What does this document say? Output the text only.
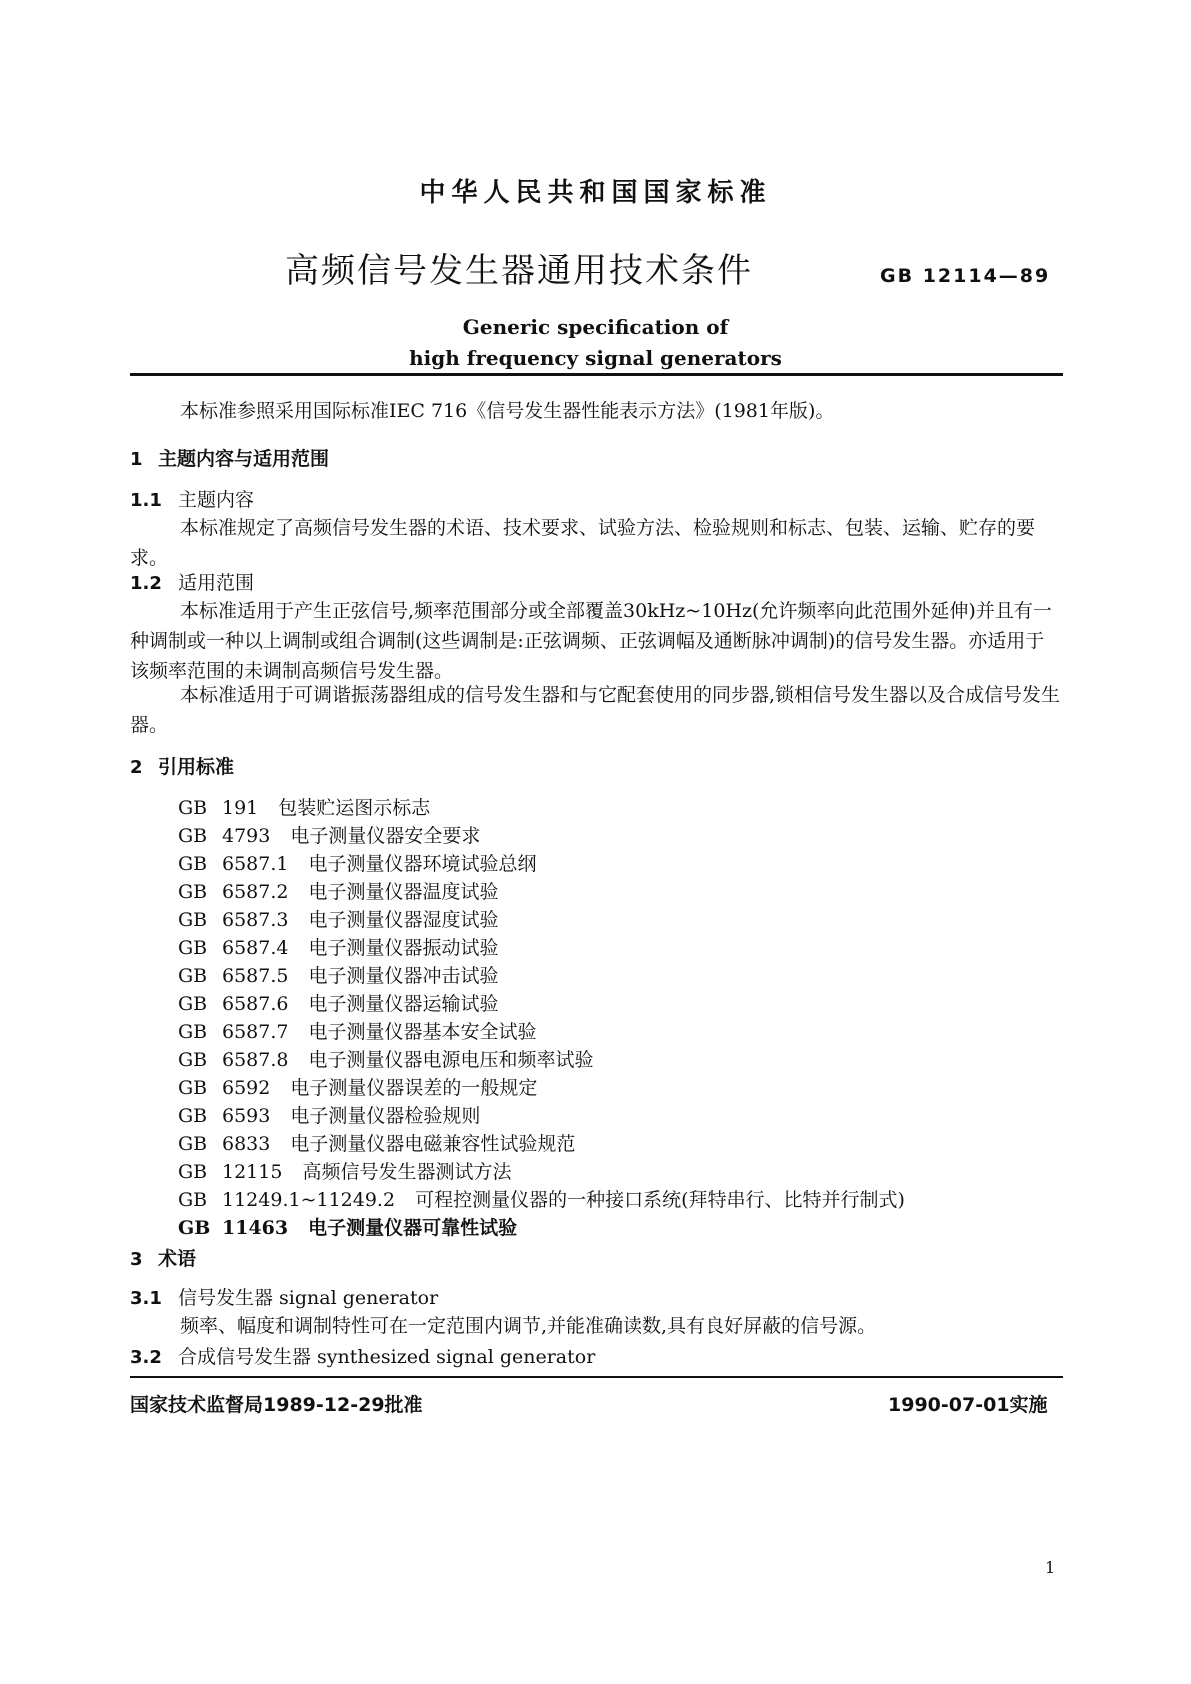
中华人民共和国国家标准
高频信号发生器通用技术条件	GB 12114—89
Generic specification of
high frequency signal generators
本标准参照采用国际标准IEC 716《信号发生器性能表示方法》(1981年版)。
1 主题内容与适用范围
1.1 主题内容
本标准规定了高频信号发生器的术语、技术要求、试验方法、检验规则和标志、包装、运输、贮存的要求。
1.2 适用范围
本标准适用于产生正弦信号,频率范围部分或全部覆盖30kHz~10Hz(允许频率向此范围外延伸)并且有一种调制或一种以上调制或组合调制(这些调制是:正弦调频、正弦调幅及通断脉冲调制)的信号发生器。亦适用于该频率范围的未调制高频信号发生器。
本标准适用于可调谐振荡器组成的信号发生器和与它配套使用的同步器,锁相信号发生器以及合成信号发生器。
2 引用标准
GB 191 包装贮运图示标志
GB 4793 电子测量仪器安全要求
GB 6587.1 电子测量仪器环境试验总纲
GB 6587.2 电子测量仪器温度试验
GB 6587.3 电子测量仪器湿度试验
GB 6587.4 电子测量仪器振动试验
GB 6587.5 电子测量仪器冲击试验
GB 6587.6 电子测量仪器运输试验
GB 6587.7 电子测量仪器基本安全试验
GB 6587.8 电子测量仪器电源电压和频率试验
GB 6592 电子测量仪器误差的一般规定
GB 6593 电子测量仪器检验规则
GB 6833 电子测量仪器电磁兼容性试验规范
GB 12115 高频信号发生器测试方法
GB 11249.1~11249.2 可程控测量仪器的一种接口系统(拜特串行、比特并行制式)
GB 11463 电子测量仪器可靠性试验
3 术语
3.1 信号发生器 signal generator
频率、幅度和调制特性可在一定范围内调节,并能准确读数,具有良好屏蔽的信号源。
3.2 合成信号发生器 synthesized signal generator
国家技术监督局1989-12-29批准	1990-07-01实施
1
